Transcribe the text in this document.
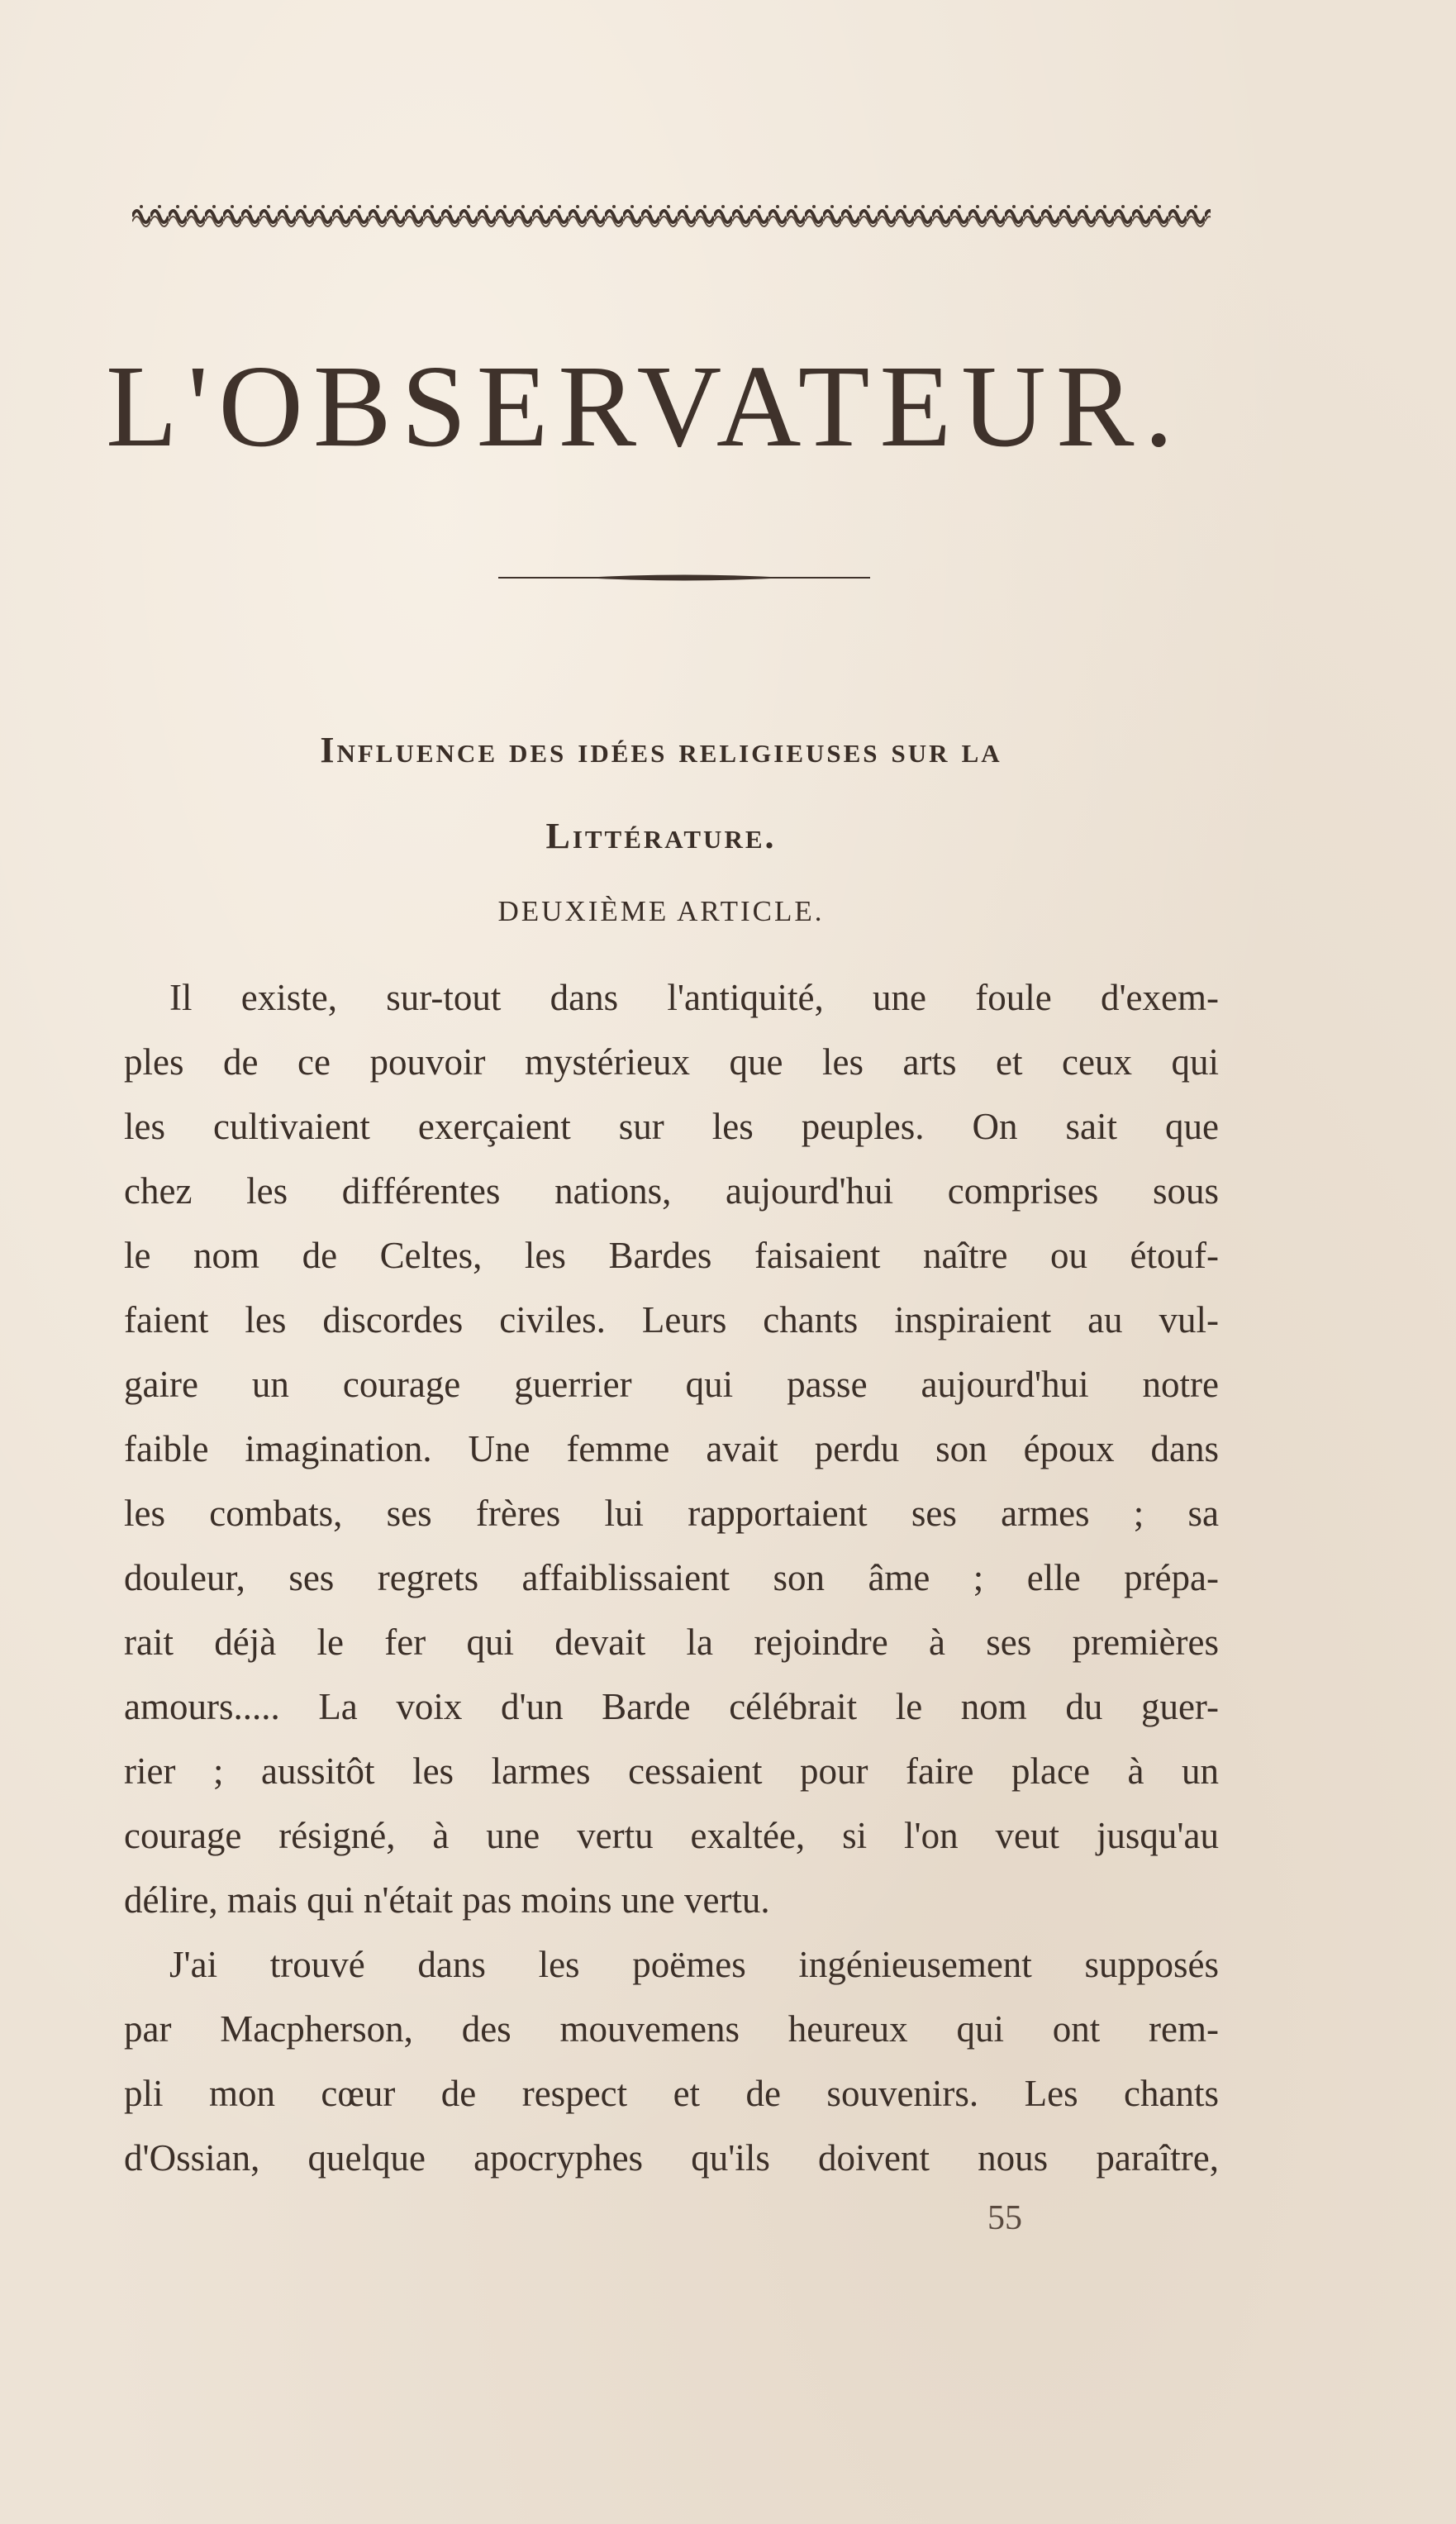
L'OBSERVATEUR.
Influence des idées religieuses sur la
Littérature.
DEUXIÈME ARTICLE.
Il existe, sur-tout dans l'antiquité, une foule d'exem-
ples de ce pouvoir mystérieux que les arts et ceux qui
les cultivaient exerçaient sur les peuples. On sait que
chez les différentes nations, aujourd'hui comprises sous
le nom de Celtes, les Bardes faisaient naître ou étouf-
faient les discordes civiles. Leurs chants inspiraient au vul-
gaire un courage guerrier qui passe aujourd'hui notre
faible imagination. Une femme avait perdu son époux dans
les combats, ses frères lui rapportaient ses armes ; sa
douleur, ses regrets affaiblissaient son âme ; elle prépa-
rait déjà le fer qui devait la rejoindre à ses premières
amours..... La voix d'un Barde célébrait le nom du guer-
rier ; aussitôt les larmes cessaient pour faire place à un
courage résigné, à une vertu exaltée, si l'on veut jusqu'au
délire, mais qui n'était pas moins une vertu.
J'ai trouvé dans les poëmes ingénieusement supposés
par Macpherson, des mouvemens heureux qui ont rem-
pli mon cœur de respect et de souvenirs. Les chants
d'Ossian, quelque apocryphes qu'ils doivent nous paraître,
55
